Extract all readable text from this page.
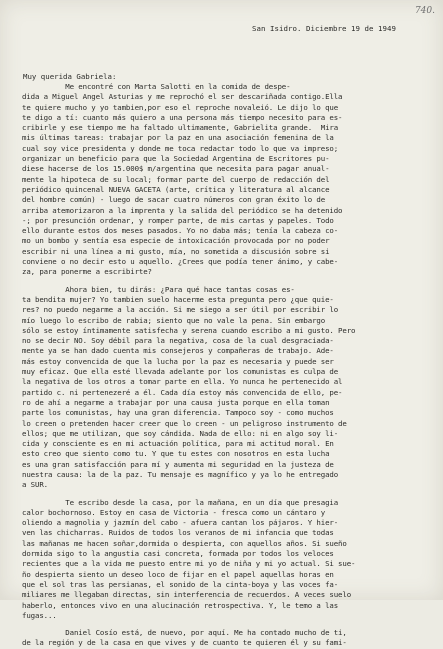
740.
San Isidro. Diciembre 19 de 1949
Muy querida Gabriela:
Me encontré con Marta Salotti en la comida de despe-
dida a Miguel Angel Asturias y me reprochó el ser descariñada contigo.Ella
te quiere mucho y yo tambien,por eso el reproche novaleió. Le dijo lo que
te digo a tí: cuanto más quiero a una persona más tiempo necesito para es-
cribirle y ese tiempo me ha faltado ultimamente, Gabrielita grande.  Mira
mis últimas tareas: trabajar por la paz en una asociación femenina de la
cual soy vice presidenta y donde me toca redactar todo lo que va impreso;
organizar un beneficio para que la Sociedad Argentina de Escritores pu-
diese hacerse de los 15.000$ m/argentina que necesita para pagar anual-
mente la hipoteca de su local; formar parte del cuerpo de redacción del
periódico quincenal NUEVA GACETA (arte, crítica y literatura al alcance
del hombre común) - luego de sacar cuatro números con gran éxito lo de
arriba atemorizaron a la imprenta y la salida del periódico se ha detenido
-; por presunción ordenar, y romper parte, de mis cartas y papeles. Todo
ello durante estos dos meses pasados. Yo no daba más; tenía la cabeza co-
mo un bombo y sentía esa especie de intoxicación provocada por no poder
escribir ni una línea a mi gusto, mía, no sometida a discusión sobre si
conviene o no decir esto u aquello. ¿Crees que podía tener ánimo, y cabe-
za, para ponerme a escribirte?
Ahora bien, tu dirás: ¿Para qué hace tantas cosas es-
ta bendita mujer? Yo tambien suelo hacerme esta pregunta pero ¿que quie-
res? no puedo negarme a la acción. Si me siego a ser útil por escribir lo
mío luego lo escribo de rabia; siento que no vale la pena. Sin embargo
sólo se estoy íntimamente satisfecha y serena cuando escribo a mi gusto. Pero
no se decir NO. Soy débil para la negativa, cosa de la cual desgraciada-
mente ya se han dado cuenta mis consejeros y compañeras de trabajo. Ade-
más estoy convencida de que la lucha por la paz es necesaria y puede ser
muy eficaz. Que ella esté llevada adelante por los comunistas es culpa de
la negativa de los otros a tomar parte en ella. Yo nunca he pertenecido al
partido c. ni pertenezeré a él. Cada día estoy más convencida de ello, pe-
ro de ahí a negarme a trabajar por una causa justa porque en ella toman
parte los comunistas, hay una gran diferencia. Tampoco soy - como muchos
lo creen o pretenden hacer creer que lo creen - un peligroso instrumento de
ellos; que me utilizan, que soy cándida. Nada de ello: ni en algo soy li-
cida y consciente es en mi actuación política, para mi actitud moral. En
esto creo que siento como tu. Y que tu estes con nosotros en esta lucha
es una gran satisfacción para mí y aumenta mi seguridad en la justeza de
nuestra causa: la de la paz. Tu mensaje es magnífico y ya lo he entregado
a SUR.
Te escribo desde la casa, por la mañana, en un día que presagia
calor bochornoso. Estoy en casa de Victoria - fresca como un cántaro y
oliendo a magnolia y jazmín del cabo - afuera cantan los pájaros. Y hier-
ven las chicharras. Ruidos de todos los veranos de mi infancia que todas
las mañanas me hacen soñar,dormida o despierta, con aquellos años. Si sueño
dormida sigo to la angustia casi concreta, formada por todos los veloces
recientes que a la vida me puesto entre mi yo de niña y mi yo actual. Si sue-
ño despierta siento un deseo loco de fijar en el papel aquellas horas en
que el sol tras las persianas, el sonido de la cinta-boya y las voces fa-
miliares me llegaban directas, sin interferencia de recuerdos. A veces suelo
haberlo, entonces vivo en una alucinación retrospectiva. Y, le temo a las
fugas...
Daniel Cosío está, de nuevo, por aquí. Me ha contado mucho de ti,
de la región y de la casa en que vives y de cuanto te quieren él y su fami-
